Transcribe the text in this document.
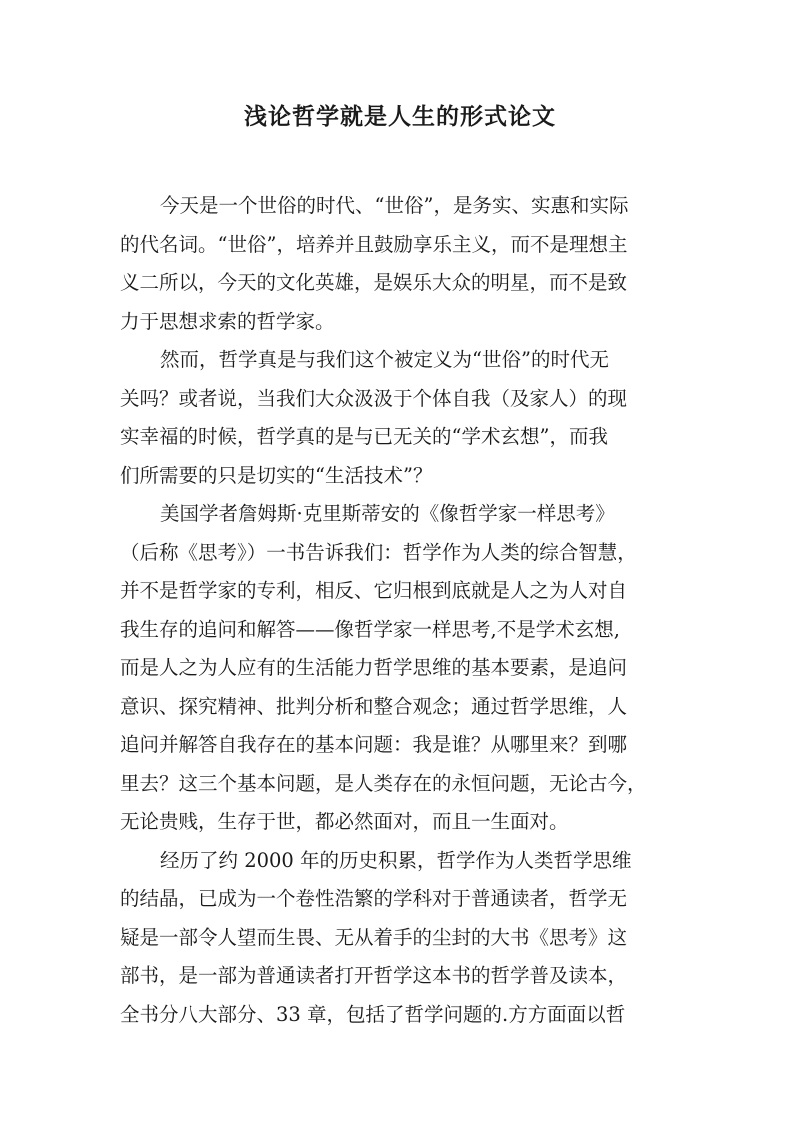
浅论哲学就是人生的形式论文

今天是一个世俗的时代、“世俗”，是务实、实惠和实际
的代名词。“世俗”，培养并且鼓励享乐主义，而不是理想主
义二所以，今天的文化英雄，是娱乐大众的明星，而不是致
力于思想求索的哲学家。

然而，哲学真是与我们这个被定义为“世俗”的时代无
关吗？或者说，当我们大众汲汲于个体自我（及家人）的现
实幸福的时候，哲学真的是与已无关的“学术玄想”，而我
们所需要的只是切实的“生活技术”？

美国学者詹姆斯·克里斯蒂安的《像哲学家一样思考》
（后称《思考》）一书告诉我们：哲学作为人类的综合智慧，
并不是哲学家的专利，相反、它归根到底就是人之为人对自
我生存的追问和解答——像哲学家一样思考,不是学术玄想,
而是人之为人应有的生活能力哲学思维的基本要素，是追问
意识、探究精神、批判分析和整合观念；通过哲学思维，人
追问并解答自我存在的基本问题：我是谁？从哪里来？到哪
里去？这三个基本问题，是人类存在的永恒问题，无论古今，
无论贵贱，生存于世，都必然面对，而且一生面对。

经历了约 2000 年的历史积累，哲学作为人类哲学思维
的结晶，已成为一个卷性浩繁的学科对于普通读者，哲学无
疑是一部令人望而生畏、无从着手的尘封的大书《思考》这
部书，是一部为普通读者打开哲学这本书的哲学普及读本，
全书分八大部分、33 章，包括了哲学问题的.方方面面以哲
